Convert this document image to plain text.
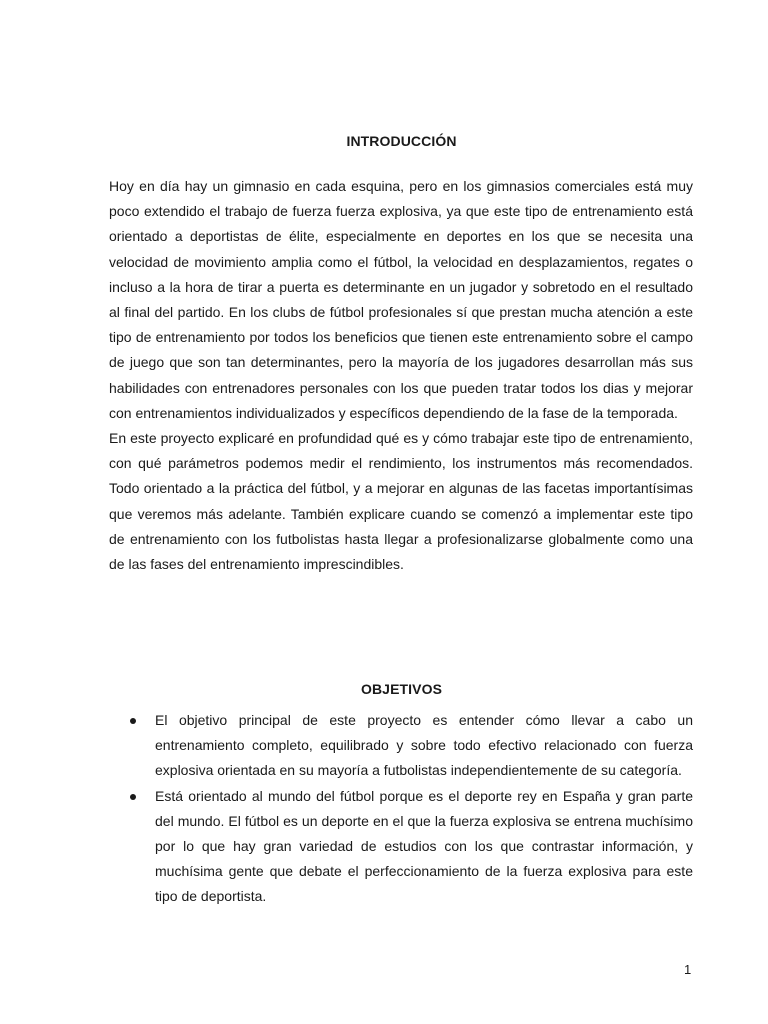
INTRODUCCIÓN

Hoy en día hay un gimnasio en cada esquina, pero en los gimnasios comerciales está muy poco extendido el trabajo de fuerza fuerza explosiva, ya que este tipo de entrenamiento está orientado a deportistas de élite, especialmente en deportes en los que se necesita una velocidad de movimiento amplia como el fútbol, la velocidad en desplazamientos, regates o incluso a la hora de tirar a puerta es determinante en un jugador y sobretodo en el resultado al final del partido. En los clubs de fútbol profesionales sí que prestan mucha atención a este tipo de entrenamiento por todos los beneficios que tienen este entrenamiento sobre el campo de juego que son tan determinantes, pero la mayoría de los jugadores desarrollan más sus habilidades con entrenadores personales con los que pueden tratar todos los dias y mejorar con entrenamientos individualizados y específicos dependiendo de la fase de la temporada.

En este proyecto explicaré en profundidad qué es y cómo trabajar este tipo de entrenamiento, con qué parámetros podemos medir el rendimiento, los instrumentos más recomendados. Todo orientado a la práctica del fútbol, y a mejorar en algunas de las facetas importantísimas que veremos más adelante. También explicare cuando se comenzó a implementar este tipo de entrenamiento con los futbolistas hasta llegar a profesionalizarse globalmente como una de las fases del entrenamiento imprescindibles.

OBJETIVOS
El objetivo principal de este proyecto es entender cómo llevar a cabo un entrenamiento completo, equilibrado y sobre todo efectivo relacionado con fuerza explosiva orientada en su mayoría a futbolistas independientemente de su categoría.
Está orientado al mundo del fútbol porque es el deporte rey en España y gran parte del mundo. El fútbol es un deporte en el que la fuerza explosiva se entrena muchísimo por lo que hay gran variedad de estudios con los que contrastar información, y muchísima gente que debate el perfeccionamiento de la fuerza explosiva para este tipo de deportista.
1
